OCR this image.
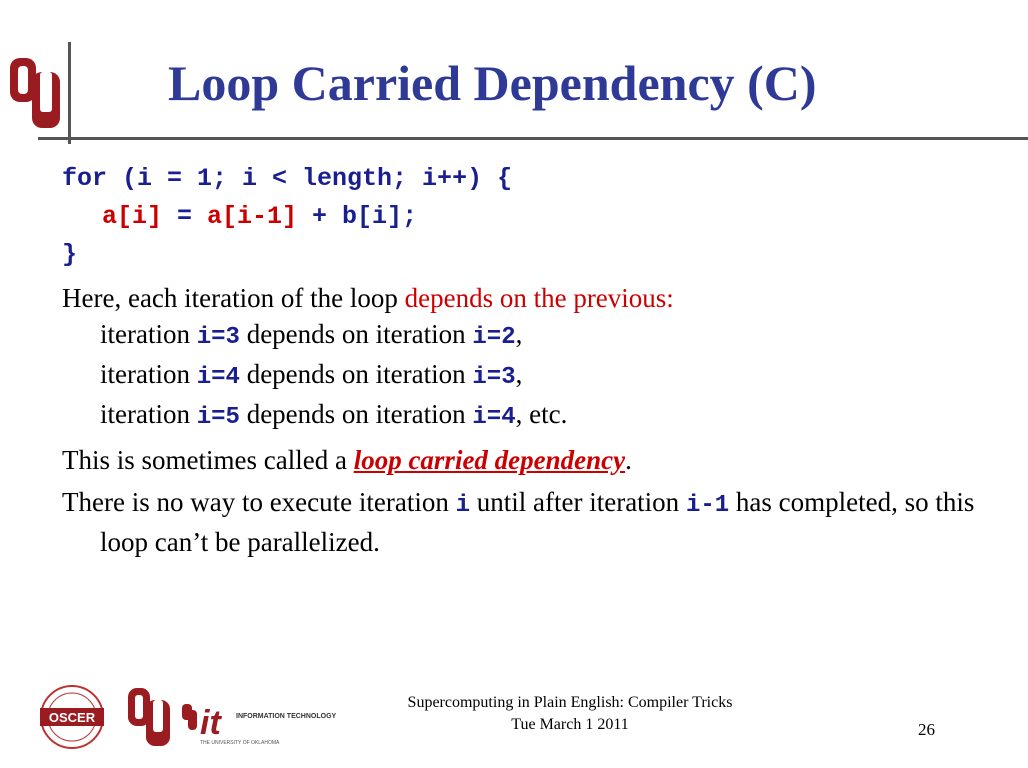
Loop Carried Dependency (C)
for (i = 1; i < length; i++) {
a[i] = a[i-1] + b[i];
}
Here, each iteration of the loop depends on the previous:
iteration i=3 depends on iteration i=2,
iteration i=4 depends on iteration i=3,
iteration i=5 depends on iteration i=4, etc.
This is sometimes called a loop carried dependency.
There is no way to execute iteration i until after iteration i-1 has completed, so this loop can’t be parallelized.
OSCER	it INFORMATION TECHNOLOGY
THE UNIVERSITY OF OKLAHOMA
Supercomputing in Plain English: Compiler Tricks
Tue March 1 2011	26
